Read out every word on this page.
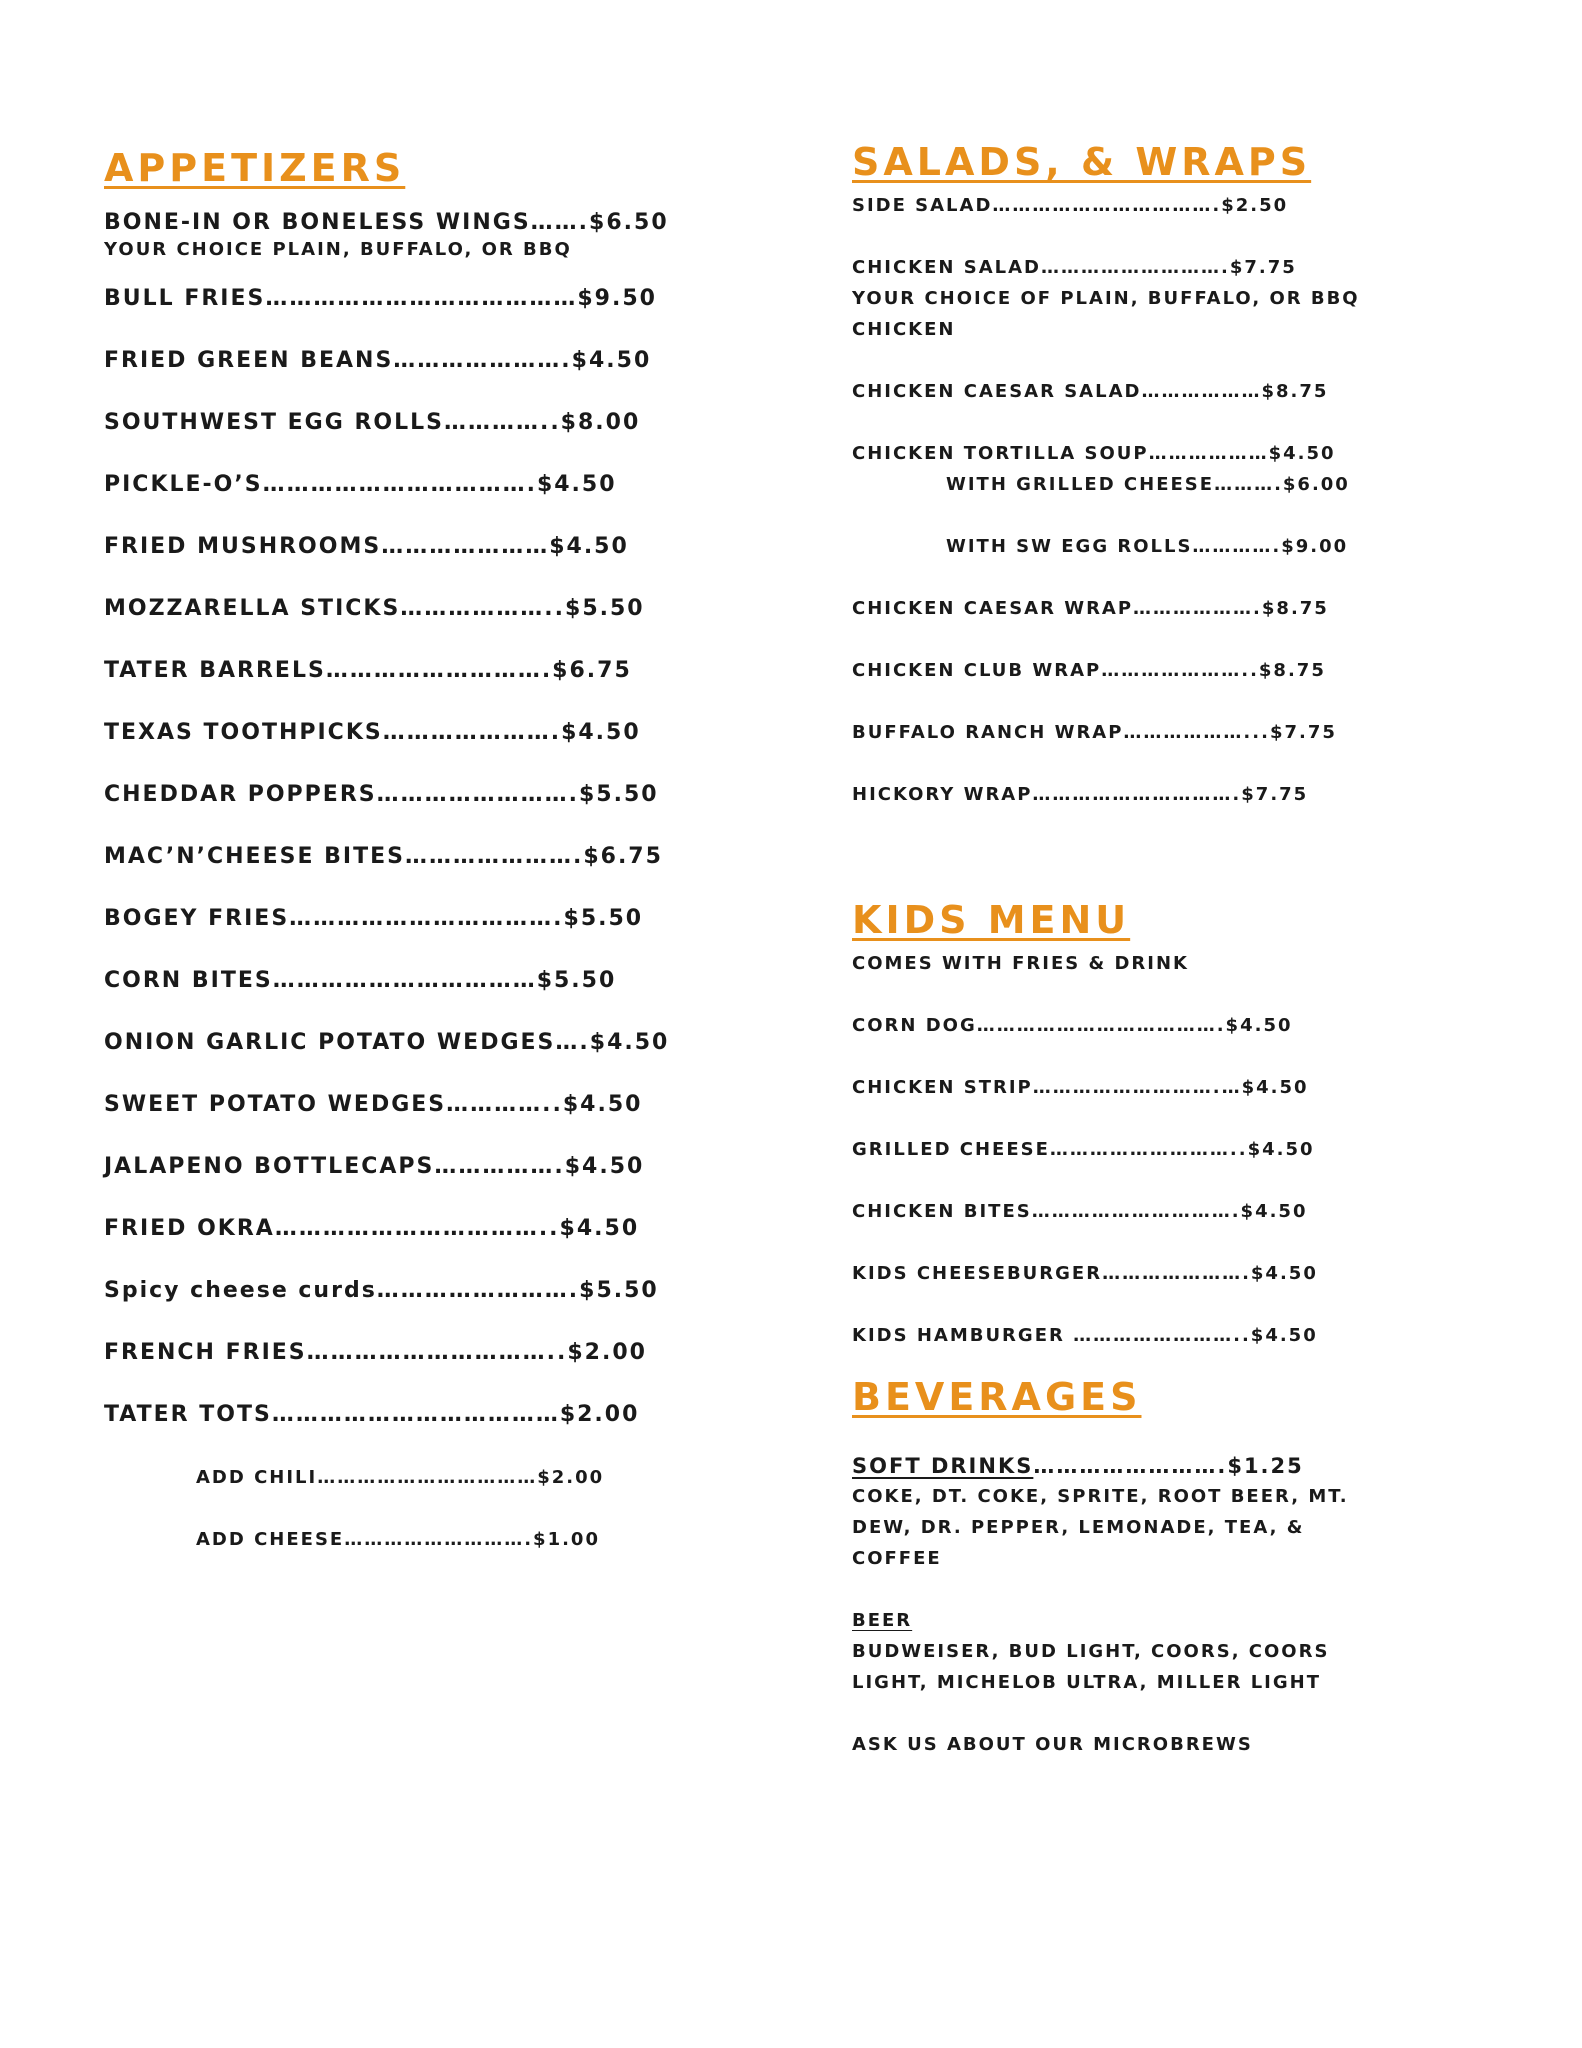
APPETIZERS
BONE-IN OR BONELESS WINGS…….$6.50
YOUR CHOICE PLAIN, BUFFALO, OR BBQ
BULL FRIES…………………………………$9.50
FRIED GREEN BEANS………………….$4.50
SOUTHWEST EGG ROLLS…………..$8.00
PICKLE-O’S…………………………….$4.50
FRIED MUSHROOMS…………………$4.50
MOZZARELLA STICKS………………..$5.50
TATER BARRELS……………………….$6.75
TEXAS TOOTHPICKS………………….$4.50
CHEDDAR POPPERS…………………….$5.50
MAC’N’CHEESE BITES………………….$6.75
BOGEY FRIES…………………………….$5.50
CORN BITES……………………………$5.50
ONION GARLIC POTATO WEDGES….$4.50
SWEET POTATO WEDGES…………..$4.50
JALAPENO BOTTLECAPS…………….$4.50
FRIED OKRA……………………………..$4.50
Spicy cheese curds…………………….$5.50
FRENCH FRIES…………………………..$2.00
TATER TOTS………………………………$2.00
ADD CHILI……………………………$2.00
ADD CHEESE……………………….$1.00
SALADS, & WRAPS
SIDE SALAD…………………………….$2.50
CHICKEN SALAD……………………….$7.75
YOUR CHOICE OF PLAIN, BUFFALO, OR BBQ
CHICKEN
CHICKEN CAESAR SALAD………………$8.75
CHICKEN TORTILLA SOUP………………$4.50
WITH GRILLED CHEESE……….$6.00
WITH SW EGG ROLLS………….$9.00
CHICKEN CAESAR WRAP……………….$8.75
CHICKEN CLUB WRAP…………………..$8.75
BUFFALO RANCH WRAP………………...$7.75
HICKORY WRAP………………………….$7.75
KIDS MENU
COMES WITH FRIES & DRINK
CORN DOG……………………………….$4.50
CHICKEN STRIP……………………….…$4.50
GRILLED CHEESE………………………..$4.50
CHICKEN BITES………………………….$4.50
KIDS CHEESEBURGER………………….$4.50
KIDS HAMBURGER ……………………..$4.50
BEVERAGES
SOFT DRINKS…………………….$1.25
COKE, DT. COKE, SPRITE, ROOT BEER, MT.
DEW, DR. PEPPER, LEMONADE, TEA, &
COFFEE
BEER
BUDWEISER, BUD LIGHT, COORS, COORS
LIGHT, MICHELOB ULTRA, MILLER LIGHT
ASK US ABOUT OUR MICROBREWS
